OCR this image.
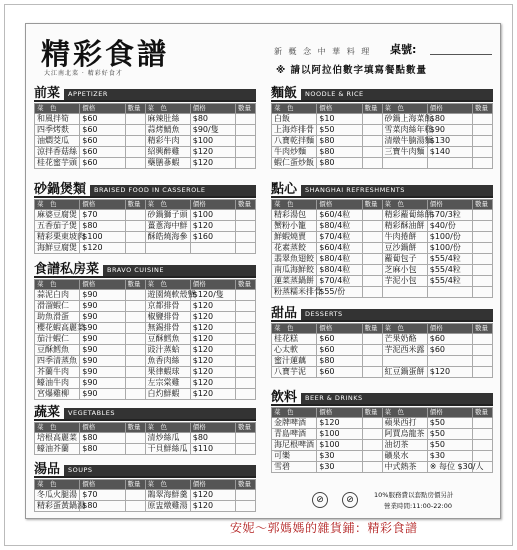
精彩食譜
大江南北菜 · 精彩好食才
新 概 念 中 華 料 理 桌號:
※ 請以阿拉伯數字填寫餐點數量
前菜	APPETIZER
菜　色	價格	數量	菜　色	價格	數量
和風拌筍	$60		麻辣肚絲	$80	
四季烤麩	$60		蒜烤鯖魚	$90/隻	
油燜茭瓜	$60		精彩牛肉	$100	
涼拌香菇絲	$60		紹興醉雞	$120	
桂花蜜芋頭	$60		藥膳蔘蝦	$120	
砂鍋煲類	BRAISED FOOD IN CASSEROLE
菜　色	價格	數量	菜　色	價格	數量
麻婆豆腐煲	$70		砂鍋獅子頭	$100	
五香茄子煲	$80		薑蔥海中鮮	$120	
精彩栗東坡肉	$100		酥皓燒海參	$160	
海鮮豆腐煲	$120				
食譜私房菜	BRAVO CUISINE
菜　色	價格	數量	菜　色	價格	數量
蒜泥白肉	$90		遊園燒軟殼蟹	$120/隻	
滑溜蝦仁	$90		京都排骨	$120	
助魚滑蛋	$90		椒鹽排骨	$120	
櫻花蝦高麗菜	$90		無錫排骨	$120	
茄汁蝦仁	$90		豆酥鱈魚	$120	
豆酥鱈魚	$90		豉汁蒸蛤	$120	
四季清蒸魚	$90		魚香肉絲	$120	
芥蘭牛肉	$90		果律蝦球	$120	
蠔油牛肉	$90		左宗棠雞	$120	
宮爆雞柳	$90		白灼鮮蝦	$120	
蔬菜	VEGETABLES
菜　色	價格	數量	菜　色	價格	數量
培根高麗菜	$80		清炒絲瓜	$80	
蠔油芥蘭	$80		干貝鮮絲瓜	$110	
湯品	SOUPS
菜　色	價格	數量	菜　色	價格	數量
冬瓜火腿湯	$70		鵲翠海鮮羹	$120	
精彩蛋黃鍋湯	$80		原盅燉雞湯	$120	
麵飯	NOODLE & RICE
菜　色	價格	數量	菜　色	價格	數量
白飯	$10		砂鍋上海菜飯	$80	
上海炸排骨	$50		雪菜肉絲年糕	$90	
八寶乾拌麵	$80		清燉牛腩湯麵	$130	
牛肉炒麵	$80		三寶牛肉麵	$140	
蝦仁蛋炒飯	$80				
點心	SHANGHAI REFRESHMENTS
菜　色	價格	數量	菜　色	價格	數量
精彩湯包	$60/4粒		精彩蘿蔔絲餅	$70/3粒	
蟹粉小籠	$80/4粒		精彩酥油餅	$40/份	
鮮蝦燒賣	$70/4粒		牛肉捲餅	$100/份	
花素蒸餃	$60/4粒		豆沙鍋餅	$100/份	
翡翠魚翅餃	$80/4粒		蘿蔔包子	$55/4粒	
南瓜海鮮餃	$80/4粒		芝麻小包	$55/4粒	
蓮菜蒸鍋餅	$70/4粒		芋泥小包	$55/4粒	
粉蒸糯米排骨	$55/份				
甜品	DESSERTS
菜　色	價格	數量	菜　色	價格	數量
桂花糕	$60		芒果奶酪	$60	
心太軟	$60		芋泥西米露	$60	
蜜汁蓮藕	$80				
八寶芋泥	$60		紅豆鍋蛋餅	$120	
飲料	BEER & DRINKS
菜　色	價格	數量	菜　色	價格	數量
金牌啤酒	$120		蘋果西打	$50	
青島啤酒	$100		阿賈烏龍茶	$50	
海尼根啤酒	$100		油切茶	$50	
可樂	$30		礦泉水	$30	
雪碧	$30		中式熱茶	※ 每位 $30/人	
⊘	⊘	10%服務費以套點房價另計
營業時間:11:00-22:00
安妮～郭媽媽的雜貨鋪：精彩食譜
